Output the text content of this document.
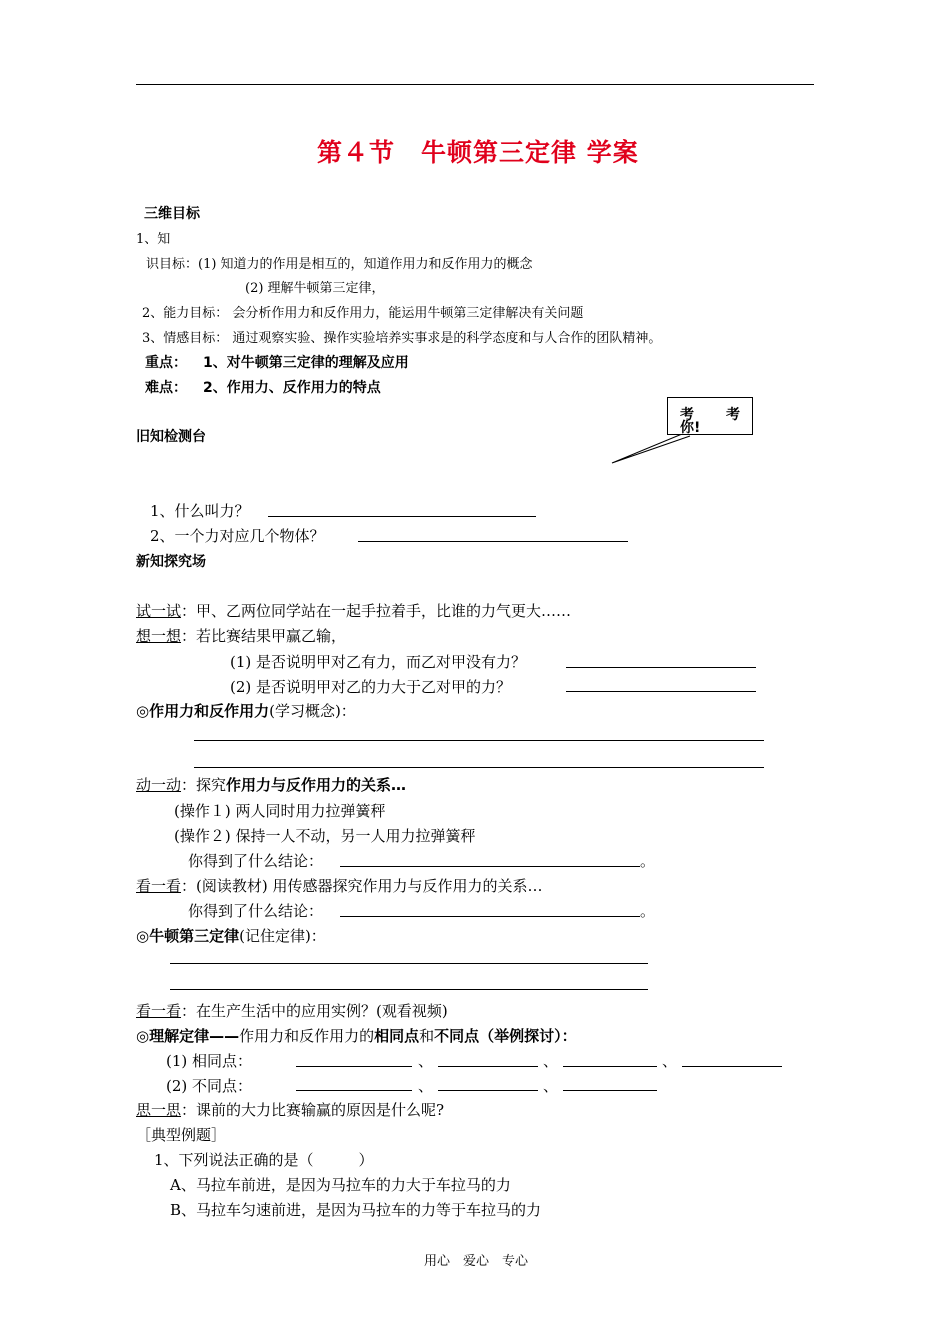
第４节　牛顿第三定律 学案
三维目标
1、知
识目标：(1) 知道力的作用是相互的，知道作用力和反作用力的概念
(2) 理解牛顿第三定律，
2、能力目标： 会分析作用力和反作用力，能运用牛顿第三定律解决有关问题
3、情感目标： 通过观察实验、操作实验培养实事求是的科学态度和与人合作的团队精神。
重点： 1、对牛顿第三定律的理解及应用
难点： 2、作用力、反作用力的特点
旧知检测台
考 考
你!
1、什么叫力？
2、一个力对应几个物体？
新知探究场
试一试：甲、乙两位同学站在一起手拉着手，比谁的力气更大……
想一想：若比赛结果甲赢乙输，
(1) 是否说明甲对乙有力，而乙对甲没有力？
(2) 是否说明甲对乙的力大于乙对甲的力？
◎作用力和反作用力(学习概念)：
动一动：探究作用力与反作用力的关系…
(操作１) 两人同时用力拉弹簧秤
(操作２) 保持一人不动，另一人用力拉弹簧秤
你得到了什么结论：	。
看一看：(阅读教材) 用传感器探究作用力与反作用力的关系…
你得到了什么结论：	。
◎牛顿第三定律(记住定律)：
看一看：在生产生活中的应用实例？(观看视频)
◎理解定律——作用力和反作用力的相同点和不同点（举例探讨）：
(1) 相同点：	、	、	、
(2) 不同点：	、	、
思一思：课前的大力比赛输赢的原因是什么呢?
［典型例题］
1、下列说法正确的是（　　　）
A、马拉车前进，是因为马拉车的力大于车拉马的力
B、马拉车匀速前进，是因为马拉车的力等于车拉马的力
用心　爱心　专心
